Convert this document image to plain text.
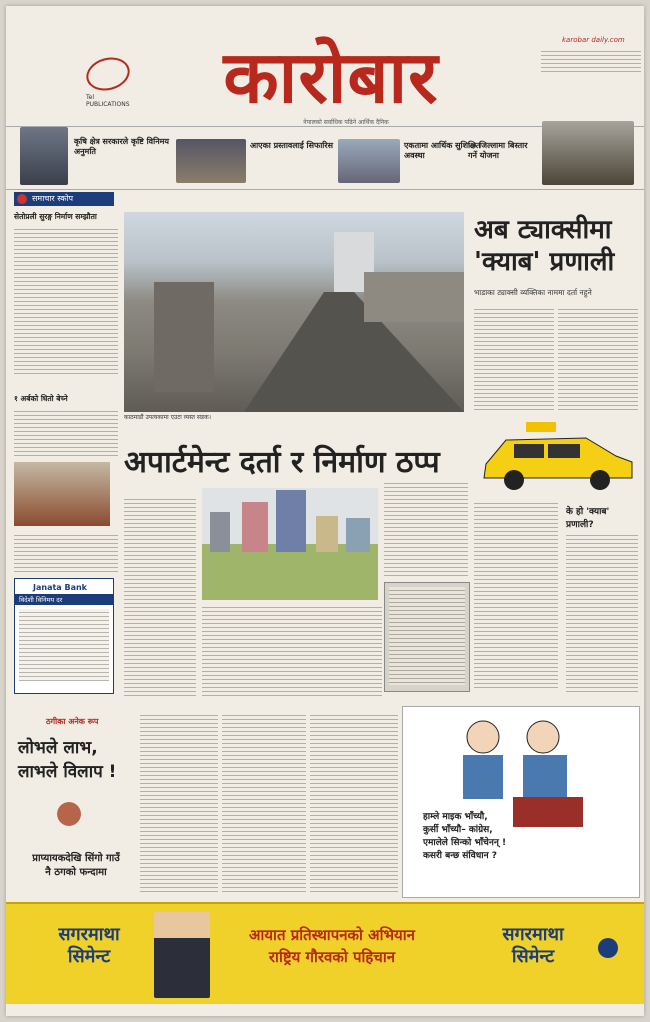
Tel PUBLICATIONS	कारोबार
नेपालको सर्वाधिक पढिने आर्थिक दैनिक
karobar daily.com
कृषि क्षेत्र सरकारले कृष्टि विनिमय अनुमति
आएका प्रस्तावलाई सिफारिस	एकतामा आर्थिक सुशिक्षित अवस्था
५० जिल्लामा बिस्तार गर्ने योजना
समाचार स्कोप
सेतोप्रली सुरङ्ग निर्माण सम्झौता
१ अर्बको धितो बेच्ने
Janata Bank
विदेशी विनिमय दर
काठमाडौं उपत्यकामा एउटा व्यस्त सडक।
अपार्टमेन्ट दर्ता र निर्माण ठप्प
अब ट्याक्सीमा 'क्याब' प्रणाली
भाडाका ट्याक्सी व्यक्तिका नाममा दर्ता नहुने
के हो 'क्याब' प्रणाली?
ठगीका अनेक रूप
लोभले लाभ,
लाभले विलाप !
प्राप्यायकदेखि सिंगो गाउँ
नै ठगको फन्दामा
हाम्ले माइक भाँच्यौ,
कुर्सी भाँच्यौ– कांग्रेस,
एमालेले सिन्को भाँचेनन् !
कसरी बन्छ संविधान ?
सगरमाथा
सिमेन्ट
सगरमाथा
सिमेन्ट
आयात प्रतिस्थापनको अभियान
राष्ट्रिय गौरवको पहिचान
